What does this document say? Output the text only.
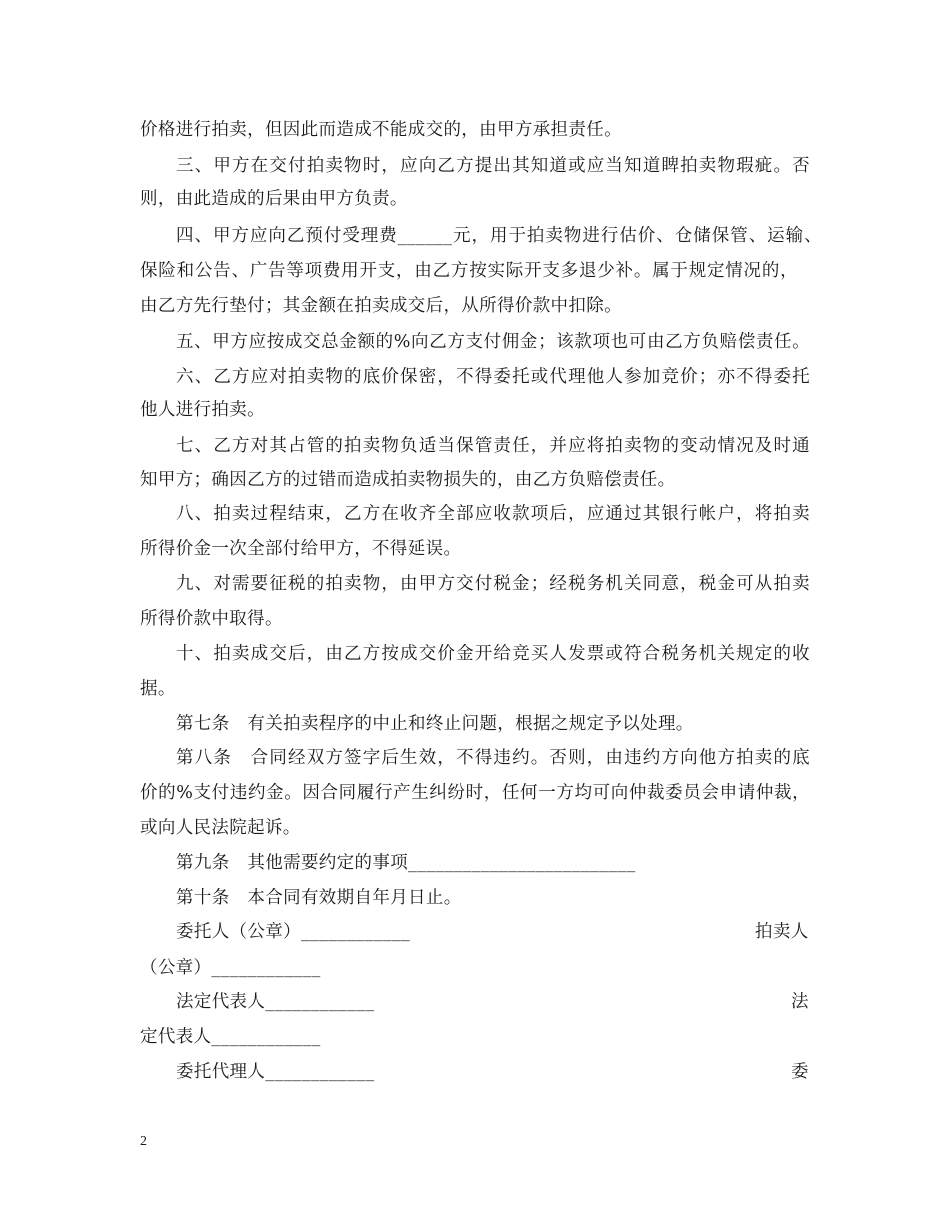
价格进行拍卖，但因此而造成不能成交的，由甲方承担责任。
三、甲方在交付拍卖物时，应向乙方提出其知道或应当知道睥拍卖物瑕疵。否
则，由此造成的后果由甲方负责。
四、甲方应向乙预付受理费______元，用于拍卖物进行估价、仓储保管、运输、
保险和公告、广告等项费用开支，由乙方按实际开支多退少补。属于规定情况的，
由乙方先行垫付；其金额在拍卖成交后，从所得价款中扣除。
五、甲方应按成交总金额的%向乙方支付佣金；该款项也可由乙方负赔偿责任。
六、乙方应对拍卖物的底价保密，不得委托或代理他人参加竞价；亦不得委托
他人进行拍卖。
七、乙方对其占管的拍卖物负适当保管责任，并应将拍卖物的变动情况及时通
知甲方；确因乙方的过错而造成拍卖物损失的，由乙方负赔偿责任。
八、拍卖过程结束，乙方在收齐全部应收款项后，应通过其银行帐户，将拍卖
所得价金一次全部付给甲方，不得延误。
九、对需要征税的拍卖物，由甲方交付税金；经税务机关同意，税金可从拍卖
所得价款中取得。
十、拍卖成交后，由乙方按成交价金开给竞买人发票或符合税务机关规定的收
据。
第七条　有关拍卖程序的中止和终止问题，根据之规定予以处理。
第八条　合同经双方签字后生效，不得违约。否则，由违约方向他方拍卖的底
价的%支付违约金。因合同履行产生纠纷时，任何一方均可向仲裁委员会申请仲裁，
或向人民法院起诉。
第九条　其他需要约定的事项_________________________
第十条　本合同有效期自年月日止。
委托人（公章）____________	拍卖人
（公章）____________
法定代表人____________	法
定代表人____________
委托代理人____________	委
2
